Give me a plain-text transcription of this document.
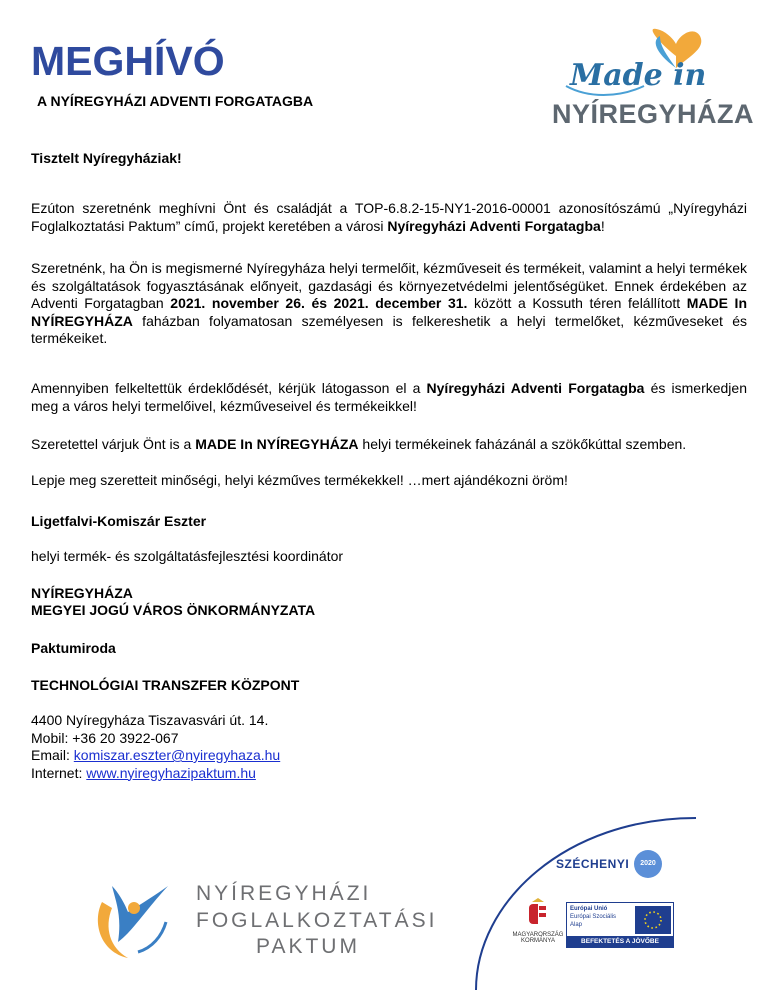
MEGHÍVÓ
A NYÍREGYHÁZI ADVENTI FORGATAGBA
Made in
NYÍREGYHÁZA
Tisztelt Nyíregyháziak!
Ezúton szeretnénk meghívni Önt és családját a TOP-6.8.2-15-NY1-2016-00001 azonosítószámú „Nyíregyházi Foglalkoztatási Paktum” című, projekt keretében a városi Nyíregyházi Adventi Forgatagba!
Szeretnénk, ha Ön is megismerné Nyíregyháza helyi termelőit, kézműveseit és termékeit, valamint a helyi termékek és szolgáltatások fogyasztásának előnyeit, gazdasági és környezetvédelmi jelentőségüket. Ennek érdekében az Adventi Forgatagban 2021. november 26. és 2021. december 31. között a Kossuth téren felállított MADE In NYÍREGYHÁZA faházban folyamatosan személyesen is felkereshetik a helyi termelőket, kézműveseket és termékeiket.
Amennyiben felkeltettük érdeklődését, kérjük látogasson el a Nyíregyházi Adventi Forgatagba és ismerkedjen meg a város helyi termelőivel, kézműveseivel és termékeikkel!
Szeretettel várjuk Önt is a MADE In NYÍREGYHÁZA helyi termékeinek faházánál a szökőkúttal szemben.
Lepje meg szeretteit minőségi, helyi kézműves termékekkel! …mert ajándékozni öröm!
Ligetfalvi-Komiszár Eszter
helyi termék- és szolgáltatásfejlesztési koordinátor
NYÍREGYHÁZA
MEGYEI JOGÚ VÁROS ÖNKORMÁNYZATA
Paktumiroda
TECHNOLÓGIAI TRANSZFER KÖZPONT
4400 Nyíregyháza Tiszavasvári út. 14.
Mobil: +36 20 3922-067
Email: komiszar.eszter@nyiregyhaza.hu
Internet: www.nyiregyhazipaktum.hu
NYÍREGYHÁZI
FOGLALKOZTATÁSI
PAKTUM
SZÉCHENYI	2020
MAGYARORSZÁG
KORMÁNYA
Európai Unió
Európai Szociális
Alap
BEFEKTETÉS A JÖVŐBE
